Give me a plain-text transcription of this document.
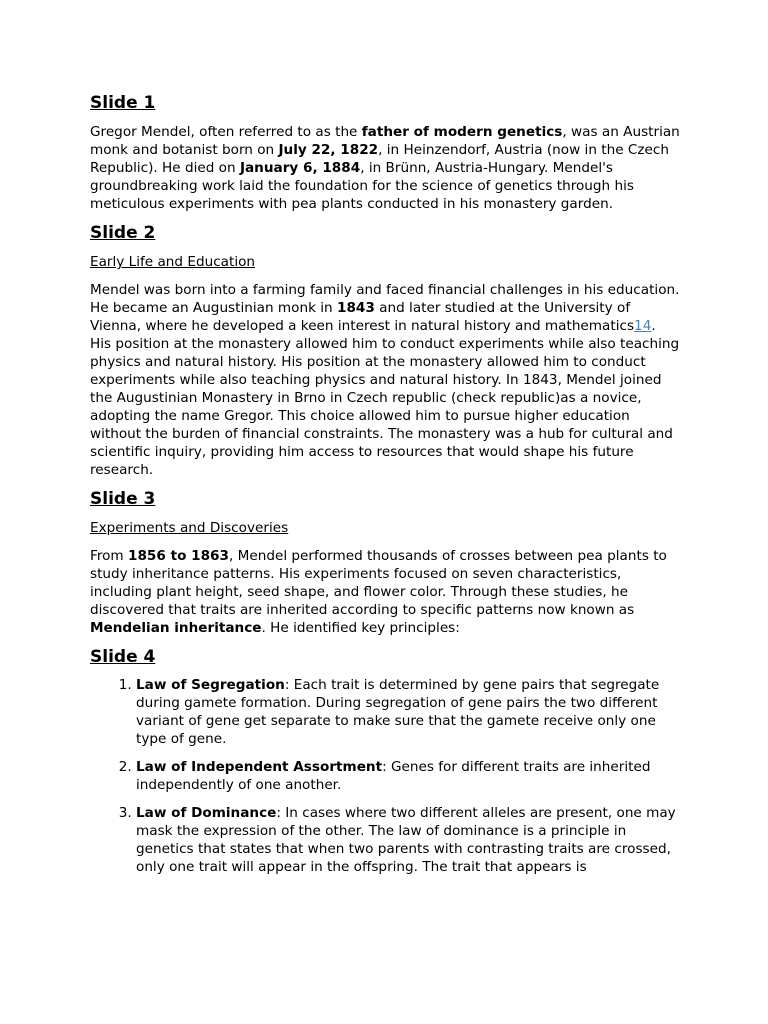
Slide 1

Gregor Mendel, often referred to as the father of modern genetics, was an Austrian monk and botanist born on July 22, 1822, in Heinzendorf, Austria (now in the Czech Republic). He died on January 6, 1884, in Brünn, Austria-Hungary. Mendel's groundbreaking work laid the foundation for the science of genetics through his meticulous experiments with pea plants conducted in his monastery garden.

Slide 2

Early Life and Education

Mendel was born into a farming family and faced financial challenges in his education. He became an Augustinian monk in 1843 and later studied at the University of Vienna, where he developed a keen interest in natural history and mathematics14. His position at the monastery allowed him to conduct experiments while also teaching physics and natural history. His position at the monastery allowed him to conduct experiments while also teaching physics and natural history. In 1843, Mendel joined the Augustinian Monastery in Brno in Czech republic (check republic)as a novice, adopting the name Gregor. This choice allowed him to pursue higher education without the burden of financial constraints. The monastery was a hub for cultural and scientific inquiry, providing him access to resources that would shape his future research.

Slide 3

Experiments and Discoveries

From 1856 to 1863, Mendel performed thousands of crosses between pea plants to study inheritance patterns. His experiments focused on seven characteristics, including plant height, seed shape, and flower color. Through these studies, he discovered that traits are inherited according to specific patterns now known as Mendelian inheritance. He identified key principles:

Slide 4
1. Law of Segregation: Each trait is determined by gene pairs that segregate during gamete formation. During segregation of gene pairs the two different variant of gene get separate to make sure that the gamete receive only one type of gene.
2. Law of Independent Assortment: Genes for different traits are inherited independently of one another.
3. Law of Dominance: In cases where two different alleles are present, one may mask the expression of the other. The law of dominance is a principle in genetics that states that when two parents with contrasting traits are crossed, only one trait will appear in the offspring. The trait that appears is
